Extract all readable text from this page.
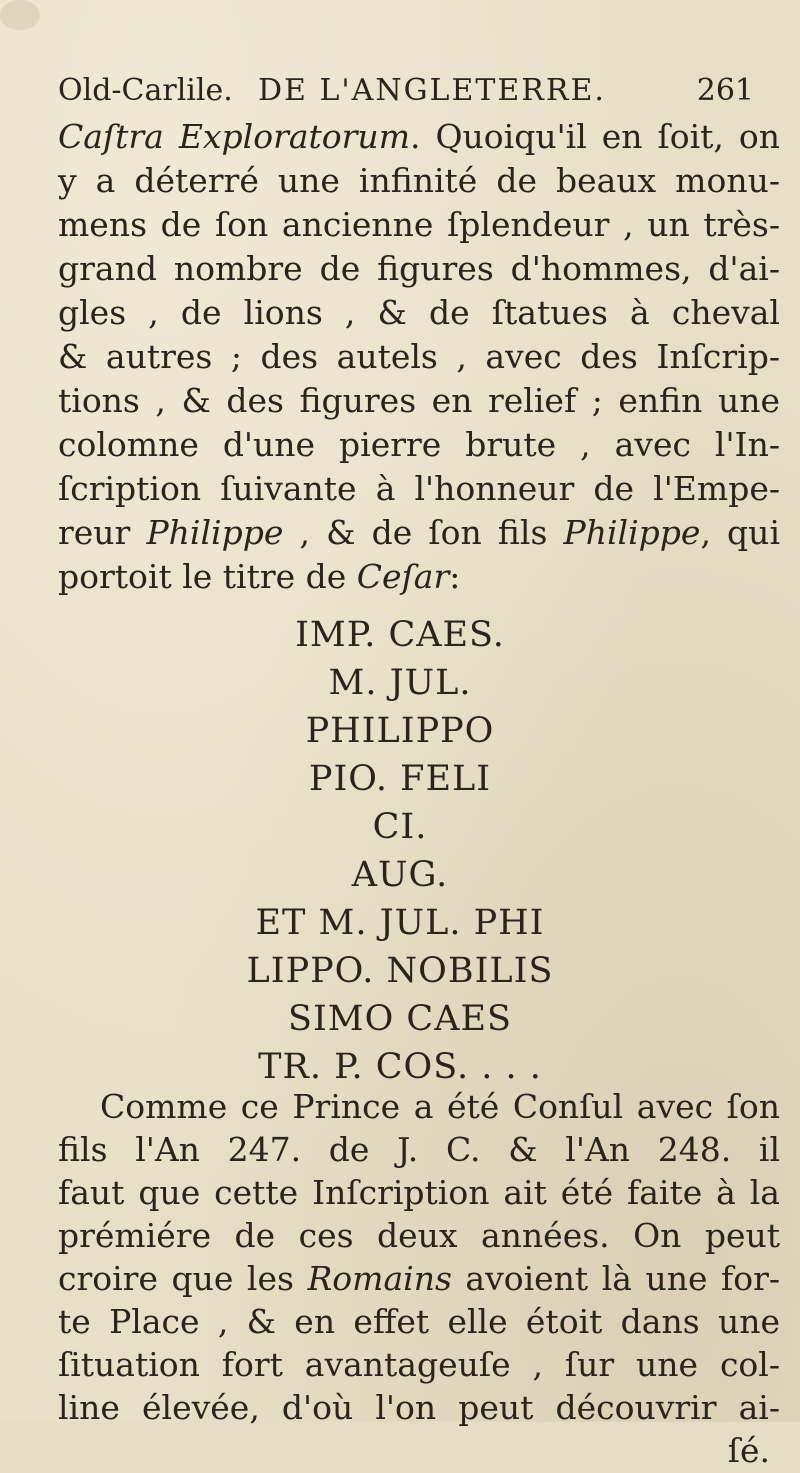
Old-Carlile. DE L'ANGLETERRE.	261
Caſtra Exploratorum. Quoiqu'il en ſoit, on
y a déterré une infinité de beaux monu-
mens de ſon ancienne ſplendeur , un très-
grand nombre de figures d'hommes, d'ai-
gles , de lions , & de ſtatues à cheval
& autres ; des autels , avec des Inſcrip-
tions , & des figures en relief ; enfin une
colomne d'une pierre brute , avec l'In-
ſcription ſuivante à l'honneur de l'Empe-
reur Philippe , & de ſon fils Philippe, qui
portoit le titre de Ceſar:
IMP. CAES.
M. JUL.
PHILIPPO
PIO. FELI
CI.
AUG.
ET M. JUL. PHI
LIPPO. NOBILIS
SIMO CAES
TR. P. COS. . . .
Comme ce Prince a été Conſul avec ſon
fils l'An 247. de J. C. & l'An 248. il
faut que cette Inſcription ait été faite à la
prémiére de ces deux années. On peut
croire que les Romains avoient là une for-
te Place , & en effet elle étoit dans une
ſituation fort avantageuſe , ſur une col-
line élevée, d'où l'on peut découvrir ai-
ſé.
